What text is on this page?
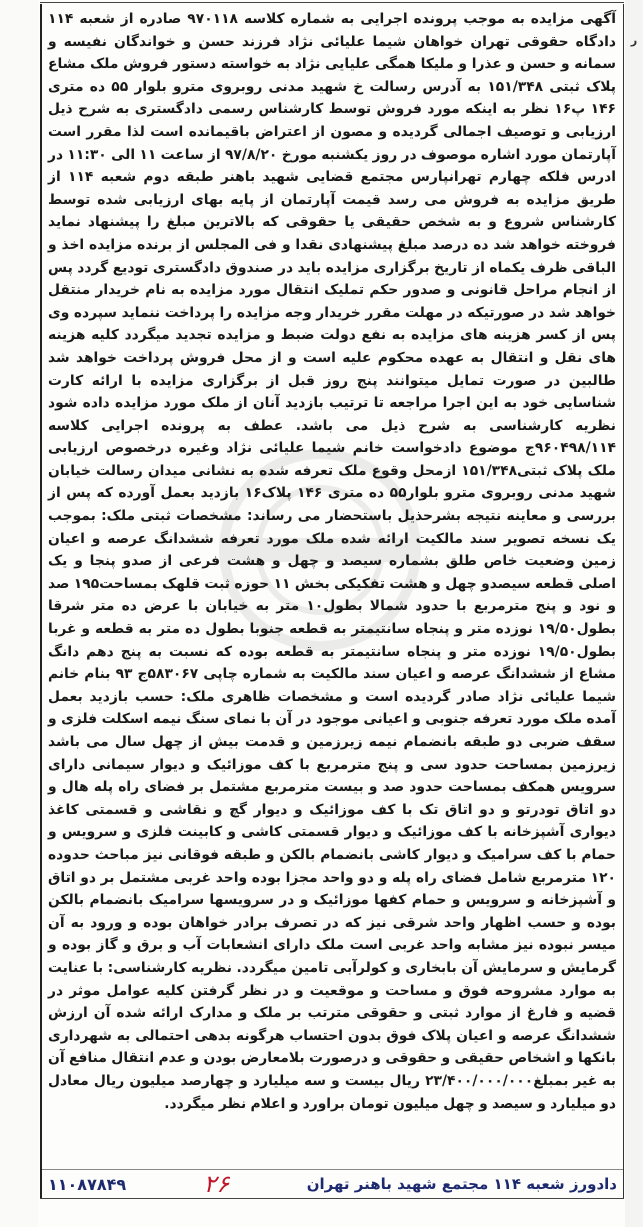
ر

آگهی مزایده به موجب پرونده اجرایی به شماره کلاسه ۹۷۰۱۱۸ صادره از شعبه ۱۱۴ دادگاه حقوقی تهران خواهان شیما علیائی نژاد فرزند حسن و خواندگان نفیسه و سمانه و حسن و عذرا و ملیکا همگی علیایی نژاد به خواسته دستور فروش ملک مشاع پلاک ثبتی ۱۵۱/۳۴۸ به آدرس رسالت خ شهید مدنی روبروی مترو بلوار ۵۵ ده متری ۱۴۶ پ۱۶ نظر به اینکه مورد فروش توسط کارشناس رسمی دادگستری به شرح ذیل ارزیابی و توصیف اجمالی گردیده و مصون از اعتراض باقیمانده است لذا مقرر است آپارتمان مورد اشاره موصوف در روز یکشنبه مورخ ۹۷/۸/۲۰ از ساعت ۱۱ الی ۱۱:۳۰ در ادرس فلکه چهارم تهرانپارس مجتمع قضایی شهید باهنر طبقه دوم شعبه ۱۱۴ از طریق مزایده به فروش می رسد قیمت آپارتمان از پایه بهای ارزیابی شده توسط کارشناس شروع و به شخص حقیقی یا حقوقی که بالاترین مبلغ را پیشنهاد نماید فروخته خواهد شد ده درصد مبلغ پیشنهادی نقدا و فی المجلس از برنده مزایده اخذ و الباقی ظرف یکماه از تاریخ برگزاری مزایده باید در صندوق دادگستری تودیع گردد پس از انجام مراحل قانونی و صدور حکم تملیک انتقال مورد مزایده به نام خریدار منتقل خواهد شد در صورتیکه در مهلت مقرر خریدار وجه مزایده را پرداخت ننماید سپرده وی پس از کسر هزینه های مزایده به نفع دولت ضبط و مزایده تجدید میگردد کلیه هزینه های نقل و انتقال به عهده محکوم علیه است و از محل فروش پرداخت خواهد شد طالبین در صورت تمایل میتوانند پنج روز قبل از برگزاری مزایده با ارائه کارت شناسایی خود به این اجرا مراجعه تا ترتیب بازدید آنان از ملک مورد مزایده داده شود نظریه کارشناسی به شرح ذیل می باشد. عطف به پرونده اجرایی کلاسه ۹۶۰۴۹۸/۱۱۴ج موضوع دادخواست خانم شیما علیائی نژاد وغیره درخصوص ارزیابی ملک پلاک ثبتی۱۵۱/۳۴۸ ازمحل وقوع ملک تعرفه شده به نشانی میدان رسالت خیابان شهید مدنی روبروی مترو بلوار۵۵ ده متری ۱۴۶ پلاک۱۶ بازدید بعمل آورده که پس از بررسی و معاینه نتیجه بشرحذیل باستحضار می رساند: مشخصات ثبتی ملک: بموجب یک نسخه تصویر سند مالکیت ارائه شده ملک مورد تعرفه ششدانگ عرصه و اعیان زمین وضعیت خاص طلق بشماره سیصد و چهل و هشت فرعی از صدو پنجا و یک اصلی قطعه سیصدو چهل و هشت تفکیکی بخش ۱۱ حوزه ثبت قلهک بمساحت۱۹۵ صد و نود و پنج مترمربع با حدود شمالا بطول۱۰ متر به خیابان با عرض ده متر شرقا بطول۱۹/۵۰ نوزده متر و پنجاه سانتیمتر به قطعه جنوبا بطول ده متر به قطعه و غربا بطول۱۹/۵۰ نوزده متر و پنجاه سانتیمتر به قطعه بوده که نسبت به پنج دهم دانگ مشاع از ششدانگ عرصه و اعیان سند مالکیت به شماره چاپی ۵۸۳۰۶۷ج ۹۳ بنام خانم شیما علیائی نژاد صادر گردیده است و مشخصات ظاهری ملک: حسب بازدید بعمل آمده ملک مورد تعرفه جنوبی و اعیانی موجود در آن با نمای سنگ نیمه اسکلت فلزی و سقف ضربی دو طبقه بانضمام نیمه زیرزمین و قدمت بیش از چهل سال می باشد زیرزمین بمساحت حدود سی و پنج مترمربع با کف موزائیک و دیوار سیمانی دارای سرویس همکف بمساحت حدود صد و بیست مترمربع مشتمل بر فضای راه پله هال و دو اتاق تودرتو و دو اتاق تک با کف موزائیک و دیوار گچ و نقاشی و قسمتی کاغذ دیواری آشپزخانه با کف موزائیک و دیوار قسمتی کاشی و کابینت فلزی و سرویس و حمام با کف سرامیک و دیوار کاشی بانضمام بالکن و طبقه فوقانی نیز مباحث حدوده ۱۲۰ مترمربع شامل فضای راه پله و دو واحد مجزا بوده واحد غربی مشتمل بر دو اتاق و آشپزخانه و سرویس و حمام کفها موزائیک و در سرویسها سرامیک بانضمام بالکن بوده و حسب اظهار واحد شرقی نیز که در تصرف برادر خواهان بوده و ورود به آن میسر نبوده نیز مشابه واحد غربی است ملک دارای انشعابات آب و برق و گاز بوده و گرمایش و سرمایش آن بابخاری و کولرآبی تامین میگردد. نظریه کارشناسی: با عنایت به موارد مشروحه فوق و مساحت و موقعیت و در نظر گرفتن کلیه عوامل موثر در قضیه و فارغ از موارد ثبتی و حقوقی مترتب بر ملک و مدارک ارائه شده آن ارزش ششدانگ عرصه و اعیان پلاک فوق بدون احتساب هرگونه بدهی احتمالی به شهرداری بانکها و اشخاص حقیقی و حقوقی و درصورت بلامعارض بودن و عدم انتقال منافع آن به غیر بمبلغ۲۳/۴۰۰/۰۰۰/۰۰۰ ریال بیست و سه میلیارد و چهارصد میلیون ریال معادل دو میلیارد و سیصد و چهل میلیون تومان براورد و اعلام نظر میگردد.

دادورز شعبه ۱۱۴ مجتمع شهید باهنر تهران
۲۶
۱۱۰۸۷۸۴۹
